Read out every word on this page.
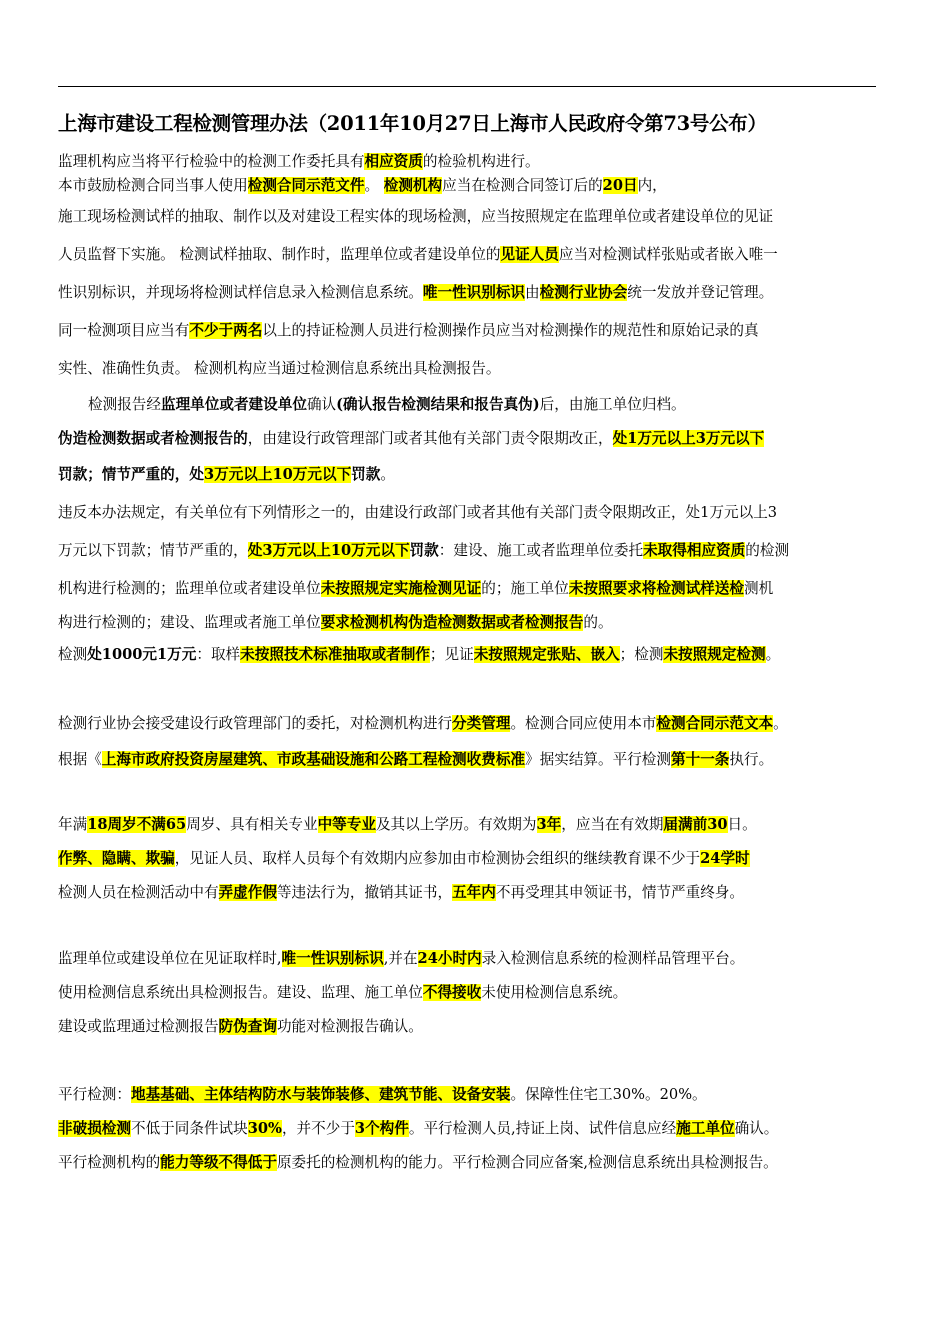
上海市建设工程检测管理办法（2011年10月27日上海市人民政府令第73号公布）
监理机构应当将平行检验中的检测工作委托具有相应资质的检验机构进行。
本市鼓励检测合同当事人使用检测合同示范文件。 检测机构应当在检测合同签订后的20日内，
施工现场检测试样的抽取、制作以及对建设工程实体的现场检测，应当按照规定在监理单位或者建设单位的见证
人员监督下实施。 检测试样抽取、制作时，监理单位或者建设单位的见证人员应当对检测试样张贴或者嵌入唯一
性识别标识，并现场将检测试样信息录入检测信息系统。唯一性识别标识由检测行业协会统一发放并登记管理。
同一检测项目应当有不少于两名以上的持证检测人员进行检测操作员应当对检测操作的规范性和原始记录的真
实性、准确性负责。 检测机构应当通过检测信息系统出具检测报告。
检测报告经监理单位或者建设单位确认(确认报告检测结果和报告真伪)后，由施工单位归档。
伪造检测数据或者检测报告的，由建设行政管理部门或者其他有关部门责令限期改正，处1万元以上3万元以下
罚款；情节严重的，处3万元以上10万元以下罚款。
违反本办法规定，有关单位有下列情形之一的，由建设行政部门或者其他有关部门责令限期改正，处1万元以上3
万元以下罚款；情节严重的，处3万元以上10万元以下罚款：建设、施工或者监理单位委托未取得相应资质的检测
机构进行检测的；监理单位或者建设单位未按照规定实施检测见证的；施工单位未按照要求将检测试样送检测机
构进行检测的；建设、监理或者施工单位要求检测机构伪造检测数据或者检测报告的。
检测处1000元1万元：取样未按照技术标准抽取或者制作；见证未按照规定张贴、嵌入；检测未按照规定检测。
检测行业协会接受建设行政管理部门的委托，对检测机构进行分类管理。检测合同应使用本市检测合同示范文本。
根据《上海市政府投资房屋建筑、市政基础设施和公路工程检测收费标准》据实结算。平行检测第十一条执行。
年满18周岁不满65周岁、具有相关专业中等专业及其以上学历。有效期为3年，应当在有效期届满前30日。
作弊、隐瞒、欺骗，见证人员、取样人员每个有效期内应参加由市检测协会组织的继续教育课不少于24学时
检测人员在检测活动中有弄虚作假等违法行为，撤销其证书，五年内不再受理其申领证书，情节严重终身。
监理单位或建设单位在见证取样时,唯一性识别标识,并在24小时内录入检测信息系统的检测样品管理平台。
使用检测信息系统出具检测报告。建设、监理、施工单位不得接收未使用检测信息系统。
建设或监理通过检测报告防伪查询功能对检测报告确认。
平行检测：地基基础、主体结构防水与装饰装修、建筑节能、设备安装。保障性住宅工30%。20%。
非破损检测不低于同条件试块30%，并不少于3个构件。平行检测人员,持证上岗、试件信息应经施工单位确认。
平行检测机构的能力等级不得低于原委托的检测机构的能力。平行检测合同应备案,检测信息系统出具检测报告。
